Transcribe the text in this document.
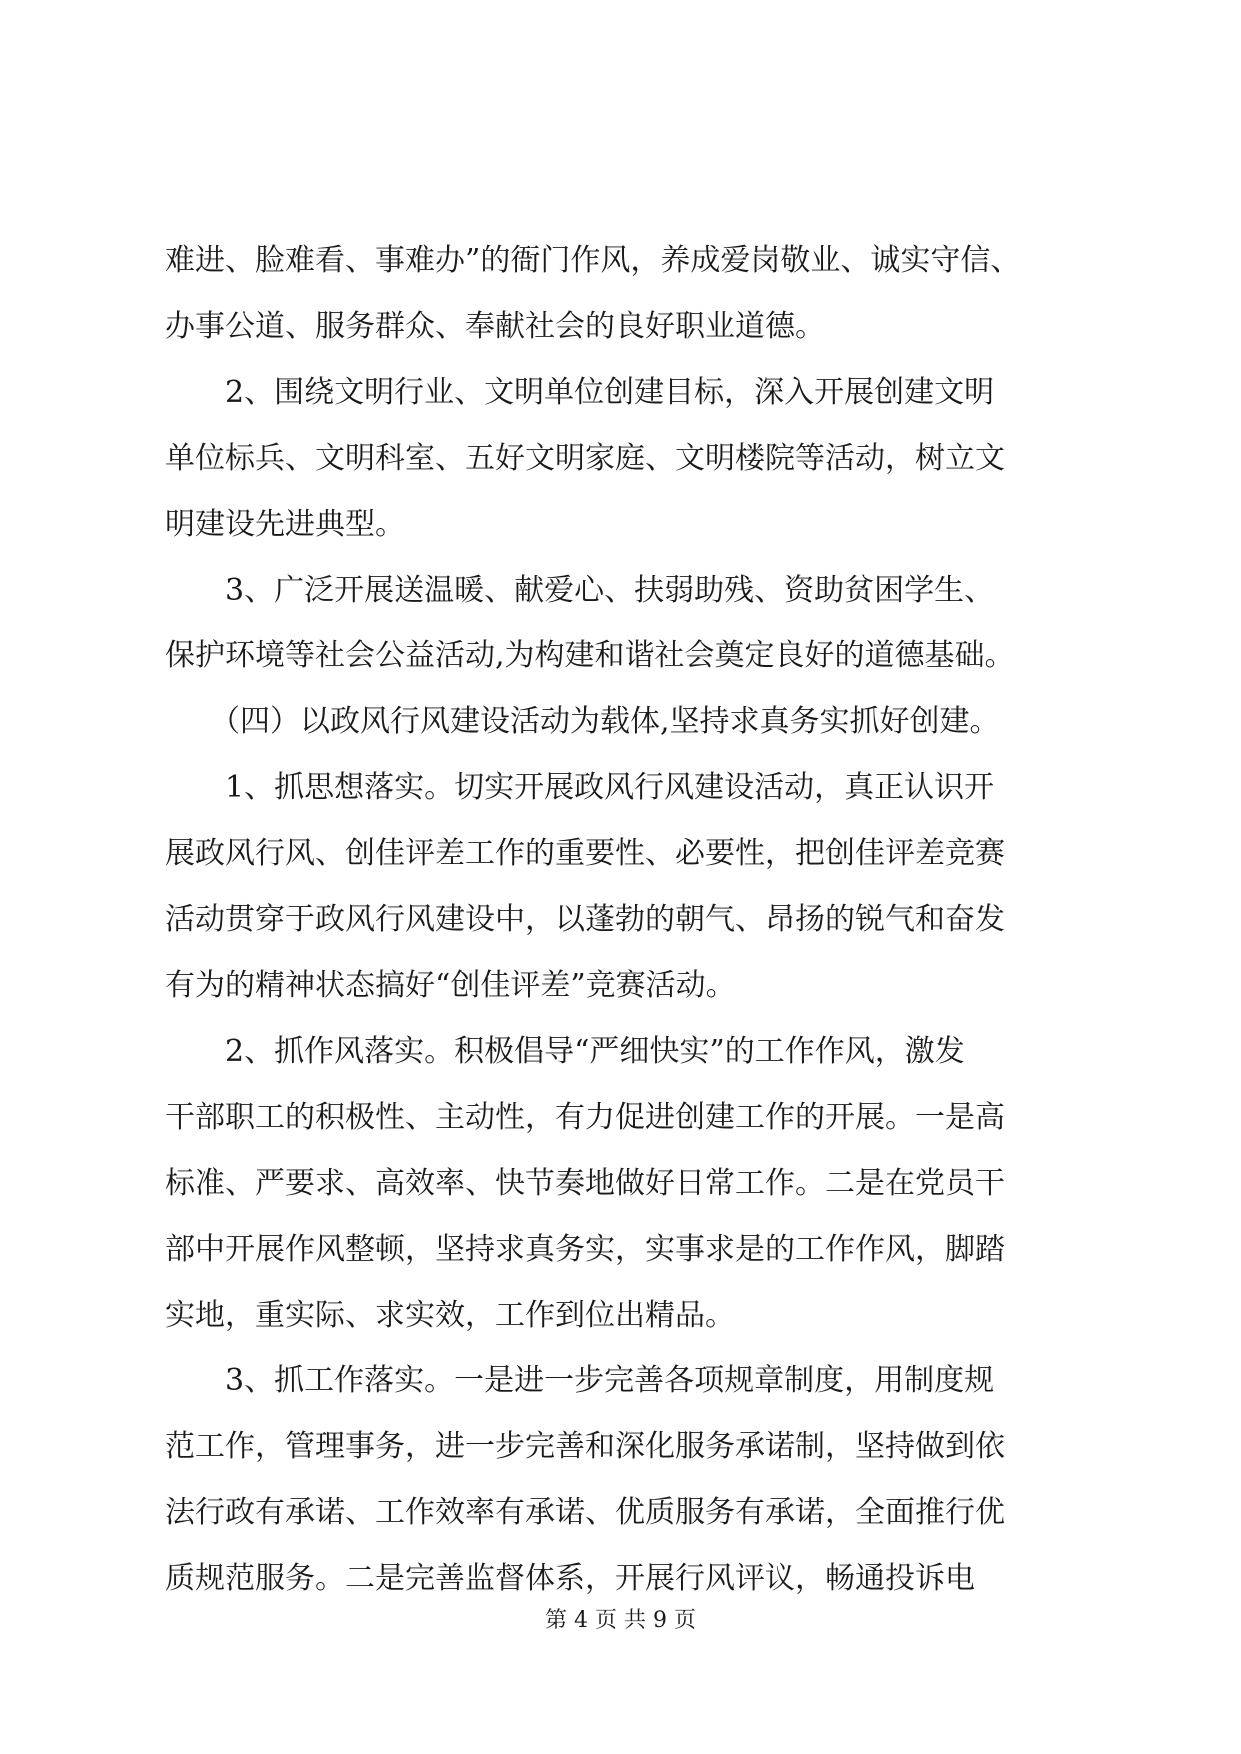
难进、脸难看、事难办”的衙门作风，养成爱岗敬业、诚实守信、
办事公道、服务群众、奉献社会的良好职业道德。
　　2、围绕文明行业、文明单位创建目标，深入开展创建文明
单位标兵、文明科室、五好文明家庭、文明楼院等活动，树立文
明建设先进典型。
　　3、广泛开展送温暖、献爱心、扶弱助残、资助贫困学生、
保护环境等社会公益活动,为构建和谐社会奠定良好的道德基础。
　　（四）以政风行风建设活动为载体,坚持求真务实抓好创建。
　　1、抓思想落实。切实开展政风行风建设活动，真正认识开
展政风行风、创佳评差工作的重要性、必要性，把创佳评差竞赛
活动贯穿于政风行风建设中，以蓬勃的朝气、昂扬的锐气和奋发
有为的精神状态搞好“创佳评差”竞赛活动。
　　2、抓作风落实。积极倡导“严细快实”的工作作风，激发
干部职工的积极性、主动性，有力促进创建工作的开展。一是高
标准、严要求、高效率、快节奏地做好日常工作。二是在党员干
部中开展作风整顿，坚持求真务实，实事求是的工作作风，脚踏
实地，重实际、求实效，工作到位出精品。
　　3、抓工作落实。一是进一步完善各项规章制度，用制度规
范工作，管理事务，进一步完善和深化服务承诺制，坚持做到依
法行政有承诺、工作效率有承诺、优质服务有承诺，全面推行优
质规范服务。二是完善监督体系，开展行风评议，畅通投诉电

第 4 页 共 9 页
